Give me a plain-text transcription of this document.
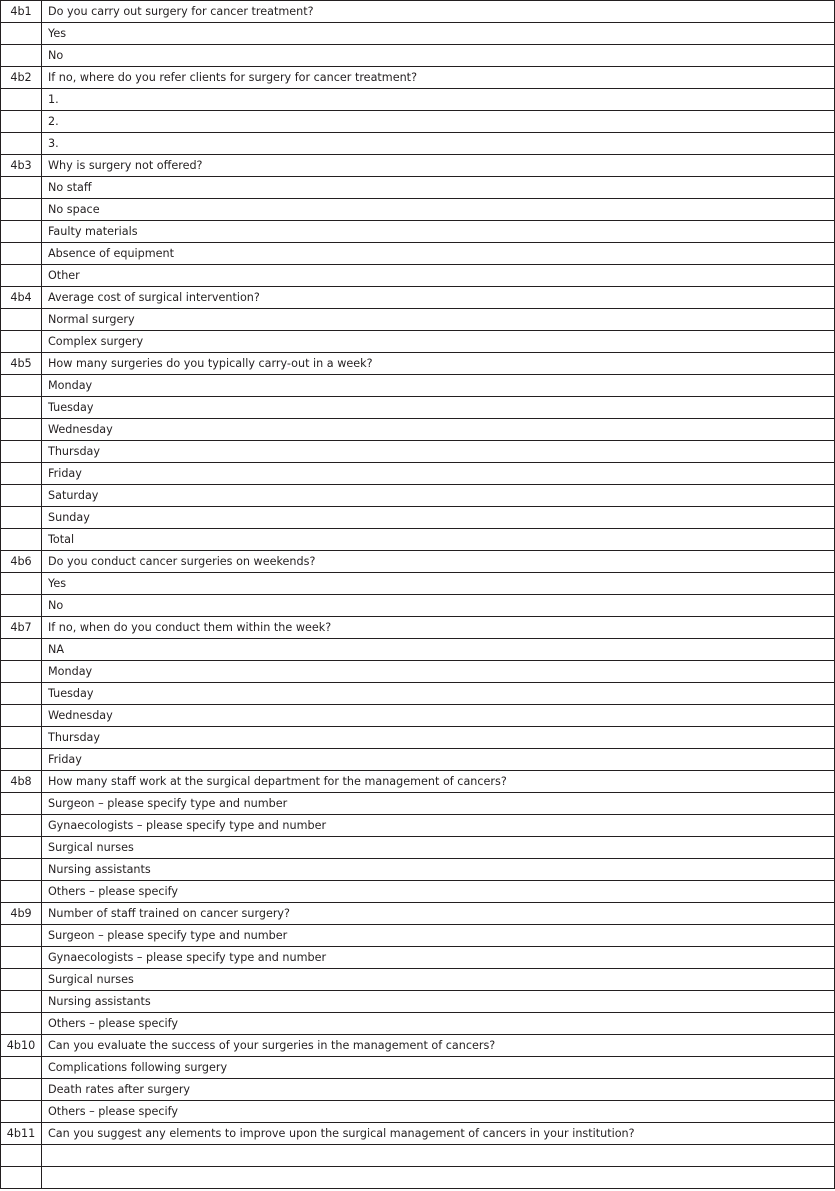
4b1	Do you carry out surgery for cancer treatment?
	Yes
	No
4b2	If no, where do you refer clients for surgery for cancer treatment?
	1.
	2.
	3.
4b3	Why is surgery not offered?
	No staff
	No space
	Faulty materials
	Absence of equipment
	Other
4b4	Average cost of surgical intervention?
	Normal surgery
	Complex surgery
4b5	How many surgeries do you typically carry-out in a week?
	Monday
	Tuesday
	Wednesday
	Thursday
	Friday
	Saturday
	Sunday
	Total
4b6	Do you conduct cancer surgeries on weekends?
	Yes
	No
4b7	If no, when do you conduct them within the week?
	NA
	Monday
	Tuesday
	Wednesday
	Thursday
	Friday
4b8	How many staff work at the surgical department for the management of cancers?
	Surgeon – please specify type and number
	Gynaecologists – please specify type and number
	Surgical nurses
	Nursing assistants
	Others – please specify
4b9	Number of staff trained on cancer surgery?
	Surgeon – please specify type and number
	Gynaecologists – please specify type and number
	Surgical nurses
	Nursing assistants
	Others – please specify
4b10	Can you evaluate the success of your surgeries in the management of cancers?
	Complications following surgery
	Death rates after surgery
	Others – please specify
4b11	Can you suggest any elements to improve upon the surgical management of cancers in your institution?
